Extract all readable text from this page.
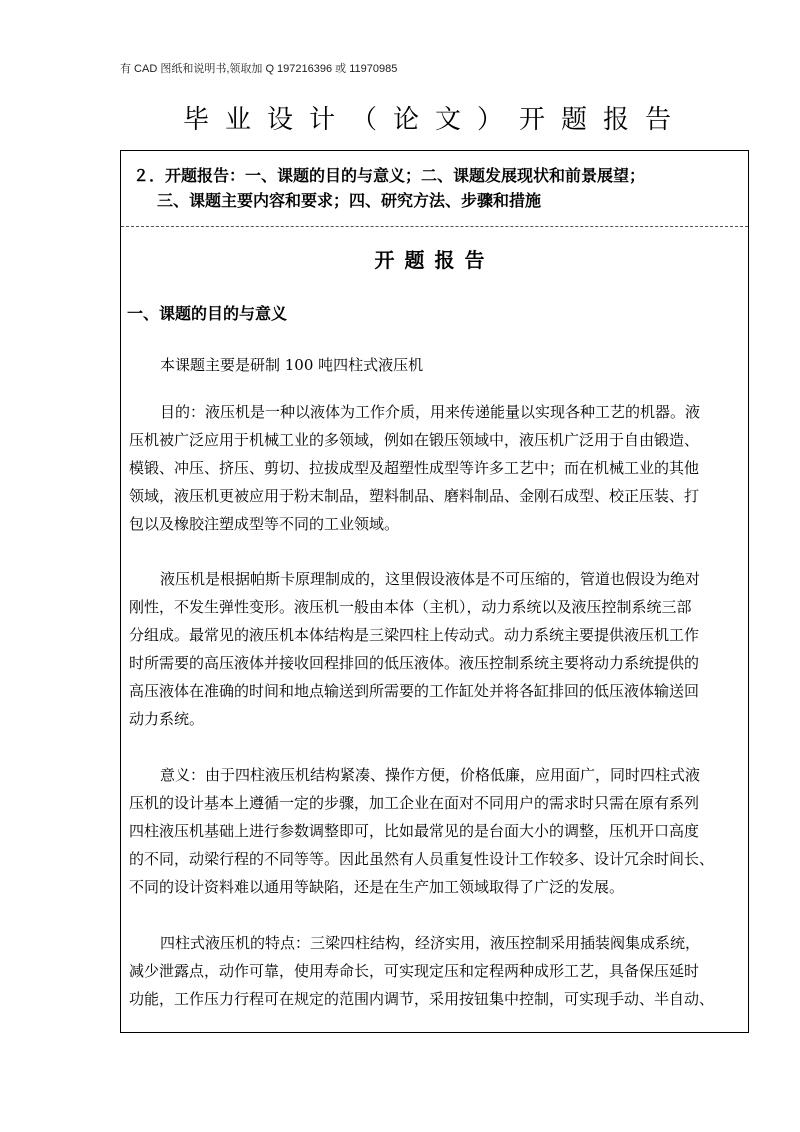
有 CAD 图纸和说明书,领取加 Q 197216396 或 11970985
毕业设计（论文）开题报告
２．开题报告：一、课题的目的与意义；二、课题发展现状和前景展望；
三、课题主要内容和要求；四、研究方法、步骤和措施
开题报告
一、课题的目的与意义
本课题主要是研制 100 吨四柱式液压机
目的：液压机是一种以液体为工作介质，用来传递能量以实现各种工艺的机器。液
压机被广泛应用于机械工业的多领域，例如在锻压领域中，液压机广泛用于自由锻造、
模锻、冲压、挤压、剪切、拉拔成型及超塑性成型等许多工艺中；而在机械工业的其他
领域，液压机更被应用于粉末制品，塑料制品、磨料制品、金刚石成型、校正压装、打
包以及橡胶注塑成型等不同的工业领域。
液压机是根据帕斯卡原理制成的，这里假设液体是不可压缩的，管道也假设为绝对
刚性，不发生弹性变形。液压机一般由本体（主机），动力系统以及液压控制系统三部
分组成。最常见的液压机本体结构是三梁四柱上传动式。动力系统主要提供液压机工作
时所需要的高压液体并接收回程排回的低压液体。液压控制系统主要将动力系统提供的
高压液体在准确的时间和地点输送到所需要的工作缸处并将各缸排回的低压液体输送回
动力系统。
意义：由于四柱液压机结构紧凑、操作方便，价格低廉，应用面广，同时四柱式液
压机的设计基本上遵循一定的步骤，加工企业在面对不同用户的需求时只需在原有系列
四柱液压机基础上进行参数调整即可，比如最常见的是台面大小的调整，压机开口高度
的不同，动梁行程的不同等等。因此虽然有人员重复性设计工作较多、设计冗余时间长、
不同的设计资料难以通用等缺陷，还是在生产加工领域取得了广泛的发展。
四柱式液压机的特点：三梁四柱结构，经济实用，液压控制采用插装阀集成系统，
减少泄露点，动作可靠，使用寿命长，可实现定压和定程两种成形工艺，具备保压延时
功能，工作压力行程可在规定的范围内调节，采用按钮集中控制，可实现手动、半自动、
